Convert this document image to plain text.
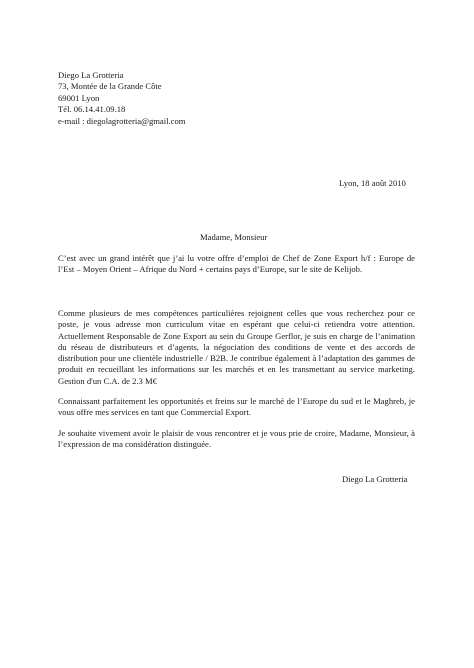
Diego La Grotteria
73, Montée de la Grande Côte
69001 Lyon
Tél. 06.14.41.09.18
e-mail : diegolagrotteria@gmail.com
Lyon, 18 août 2010
Madame, Monsieur
C’est avec un grand intérêt que j’ai lu votre offre d’emploi de Chef de Zone Export h/f : Europe de l’Est – Moyen Orient – Afrique du Nord + certains pays d’Europe, sur le site de Kelijob.
Comme plusieurs de mes compétences particulières rejoignent celles que vous recherchez pour ce poste, je vous adresse mon curriculum vitae en espérant que celui-ci retiendra votre attention. Actuellement Responsable de Zone Export au sein du Groupe Gerflor, je suis en charge de l’animation du réseau de distributeurs et d’agents, la négociation des conditions de vente et des accords de distribution pour une clientèle industrielle / B2B. Je contribue également à l’adaptation des gammes de produit en recueillant les informations sur les marchés et en les transmettant au service marketing. Gestion d'un C.A. de 2.3 M€
Connaissant parfaitement les opportunités et freins sur le marché de l’Europe du sud et le Maghreb, je vous offre mes services en tant que Commercial Export.
Je souhaite vivement avoir le plaisir de vous rencontrer et je vous prie de croire, Madame, Monsieur, à l’expression de ma considération distinguée.
Diego La Grotteria
